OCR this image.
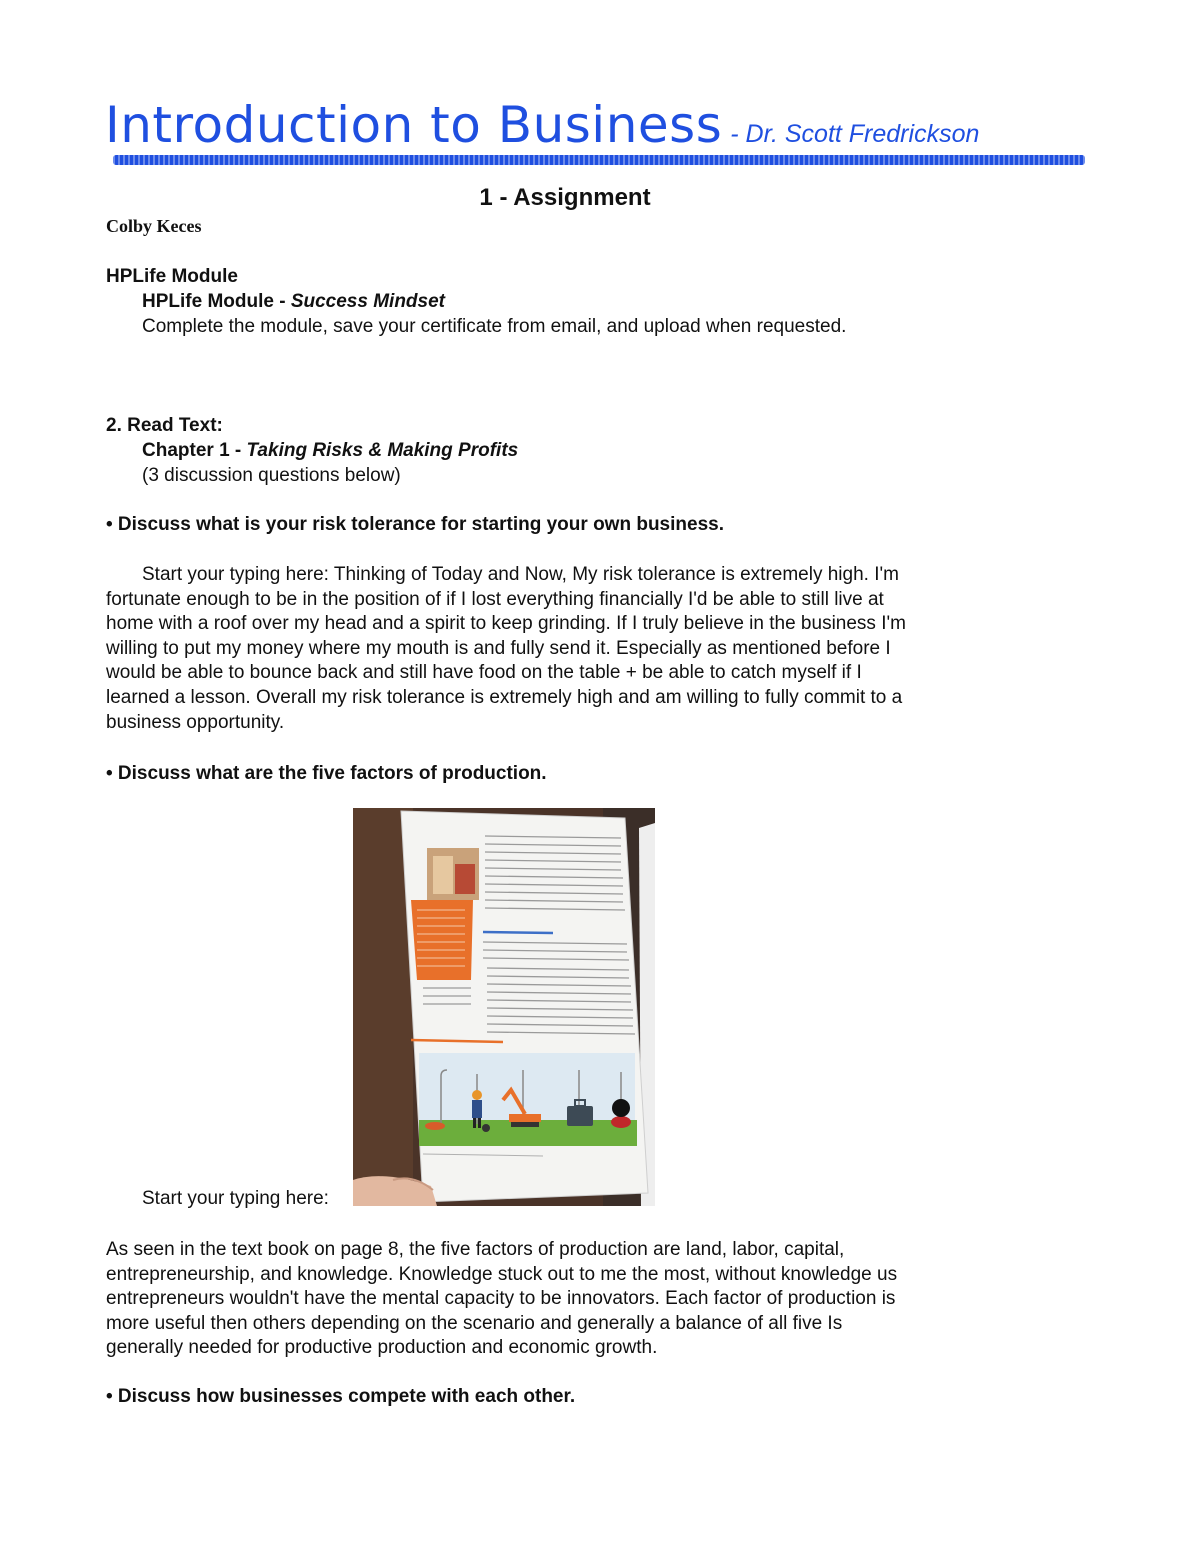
Introduction to Business - Dr. Scott Fredrickson
1 - Assignment
Colby Keces
HPLife Module
HPLife Module - Success Mindset
Complete the module, save your certificate from email, and upload when requested.
2. Read Text:
Chapter 1 - Taking Risks & Making Profits
(3 discussion questions below)
• Discuss what is your risk tolerance for starting your own business.
Start your typing here: Thinking of Today and Now, My risk tolerance is extremely high. I'm
fortunate enough to be in the position of if I lost everything financially I'd be able to still live at
home with a roof over my head and a spirit to keep grinding. If I truly believe in the business I'm
willing to put my money where my mouth is and fully send it. Especially as mentioned before I
would be able to bounce back and still have food on the table + be able to catch myself if I
learned a lesson. Overall my risk tolerance is extremely high and am willing to fully commit to a
business opportunity.
• Discuss what are the five factors of production.
Start your typing here:
As seen in the text book on page 8, the five factors of production are land, labor, capital,
entrepreneurship, and knowledge. Knowledge stuck out to me the most, without knowledge us
entrepreneurs wouldn't have the mental capacity to be innovators. Each factor of production is
more useful then others depending on the scenario and generally a balance of all five Is
generally needed for productive production and economic growth.
• Discuss how businesses compete with each other.
